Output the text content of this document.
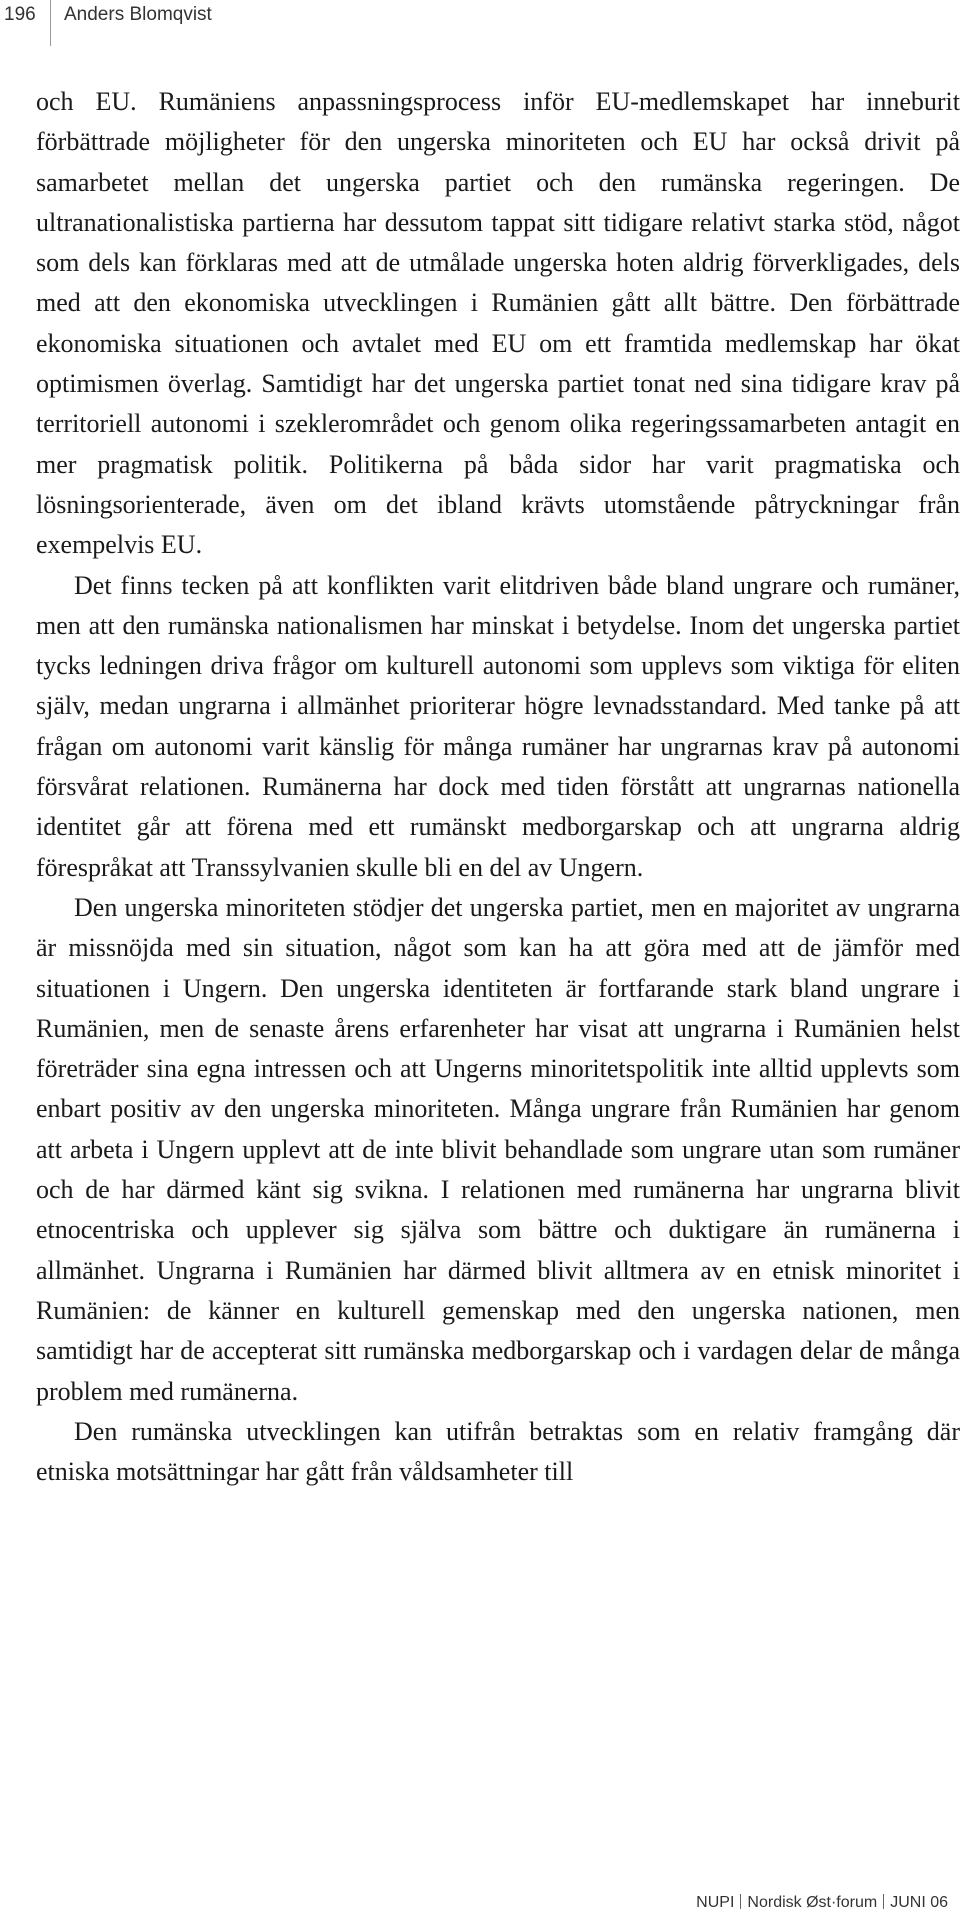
196 Anders Blomqvist

och EU. Rumäniens anpassningsprocess inför EU-medlemskapet har inneburit förbättrade möjligheter för den ungerska minoriteten och EU har också drivit på samarbetet mellan det ungerska partiet och den rumänska regeringen. De ultranationalistiska partierna har dessutom tappat sitt tidigare relativt starka stöd, något som dels kan förklaras med att de utmålade ungerska hoten aldrig förverkligades, dels med att den ekonomiska utvecklingen i Rumänien gått allt bättre. Den förbättrade ekonomiska situationen och avtalet med EU om ett framtida medlemskap har ökat optimismen överlag. Samtidigt har det ungerska partiet tonat ned sina tidigare krav på territoriell autonomi i szeklerområdet och genom olika regeringssamarbeten antagit en mer pragmatisk politik. Politikerna på båda sidor har varit pragmatiska och lösningsorienterade, även om det ibland krävts utomstående påtryckningar från exempelvis EU.

Det finns tecken på att konflikten varit elitdriven både bland ungrare och rumäner, men att den rumänska nationalismen har minskat i betydelse. Inom det ungerska partiet tycks ledningen driva frågor om kulturell autonomi som upplevs som viktiga för eliten själv, medan ungrarna i allmänhet prioriterar högre levnadsstandard. Med tanke på att frågan om autonomi varit känslig för många rumäner har ungrarnas krav på autonomi försvårat relationen. Rumänerna har dock med tiden förstått att ungrarnas nationella identitet går att förena med ett rumänskt medborgarskap och att ungrarna aldrig förespråkat att Transsylvanien skulle bli en del av Ungern.

Den ungerska minoriteten stödjer det ungerska partiet, men en majoritet av ungrarna är missnöjda med sin situation, något som kan ha att göra med att de jämför med situationen i Ungern. Den ungerska identiteten är fortfarande stark bland ungrare i Rumänien, men de senaste årens erfarenheter har visat att ungrarna i Rumänien helst företräder sina egna intressen och att Ungerns minoritetspolitik inte alltid upplevts som enbart positiv av den ungerska minoriteten. Många ungrare från Rumänien har genom att arbeta i Ungern upplevt att de inte blivit behandlade som ungrare utan som rumäner och de har därmed känt sig svikna. I relationen med rumänerna har ungrarna blivit etnocentriska och upplever sig själva som bättre och duktigare än rumänerna i allmänhet. Ungrarna i Rumänien har därmed blivit alltmera av en etnisk minoritet i Rumänien: de känner en kulturell gemenskap med den ungerska nationen, men samtidigt har de accepterat sitt rumänska medborgarskap och i vardagen delar de många problem med rumänerna.

Den rumänska utvecklingen kan utifrån betraktas som en relativ framgång där etniska motsättningar har gått från våldsamheter till

NUPI Nordisk Øst·forum JUNI 06
